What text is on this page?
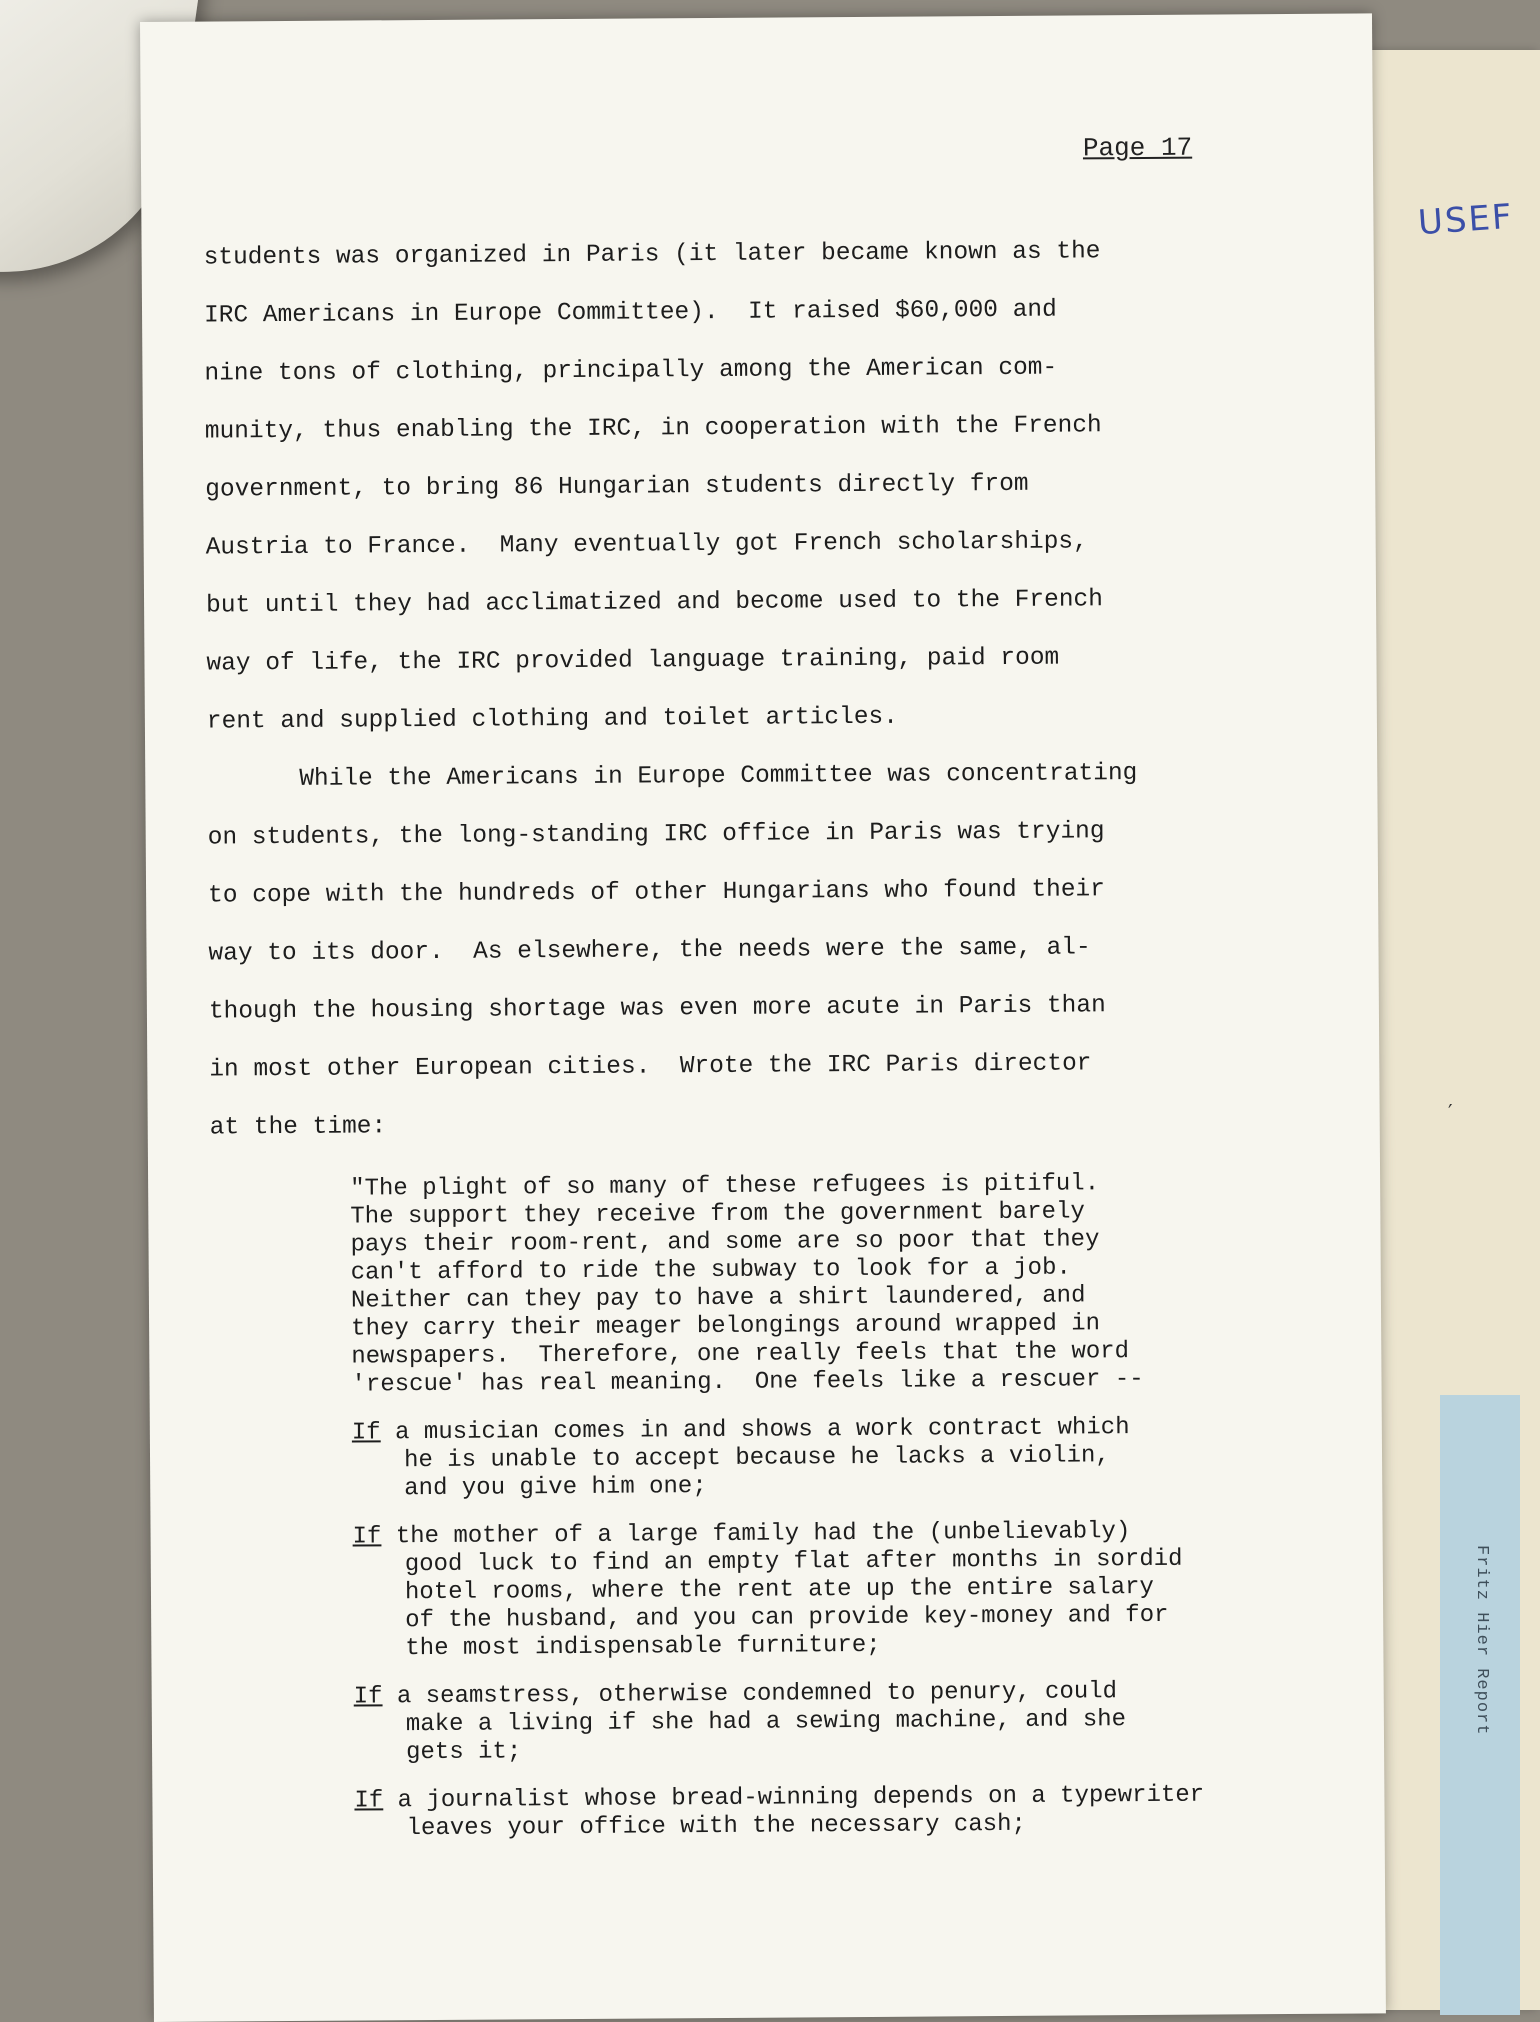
Fritz Hier Report
USEF
′
Page 17
students was organized in Paris (it later became known as the
IRC Americans in Europe Committee).  It raised $60,000 and
nine tons of clothing, principally among the American com-
munity, thus enabling the IRC, in cooperation with the French
government, to bring 86 Hungarian students directly from
Austria to France.  Many eventually got French scholarships,
but until they had acclimatized and become used to the French
way of life, the IRC provided language training, paid room
rent and supplied clothing and toilet articles.
While the Americans in Europe Committee was concentrating
on students, the long-standing IRC office in Paris was trying
to cope with the hundreds of other Hungarians who found their
way to its door.  As elsewhere, the needs were the same, al-
though the housing shortage was even more acute in Paris than
in most other European cities.  Wrote the IRC Paris director
at the time:
"The plight of so many of these refugees is pitiful.
The support they receive from the government barely
pays their room-rent, and some are so poor that they
can't afford to ride the subway to look for a job.
Neither can they pay to have a shirt laundered, and
they carry their meager belongings around wrapped in
newspapers.  Therefore, one really feels that the word
'rescue' has real meaning.  One feels like a rescuer --
If a musician comes in and shows a work contract which
he is unable to accept because he lacks a violin,
and you give him one;
If the mother of a large family had the (unbelievably)
good luck to find an empty flat after months in sordid
hotel rooms, where the rent ate up the entire salary
of the husband, and you can provide key-money and for
the most indispensable furniture;
If a seamstress, otherwise condemned to penury, could
make a living if she had a sewing machine, and she
gets it;
If a journalist whose bread-winning depends on a typewriter
leaves your office with the necessary cash;
